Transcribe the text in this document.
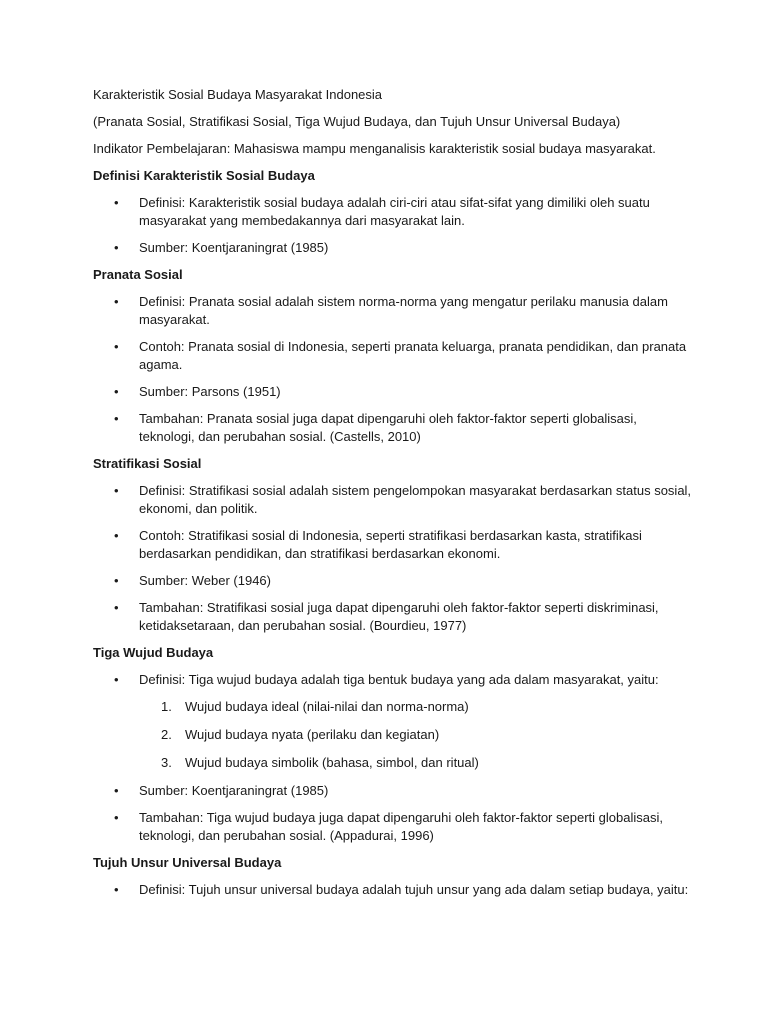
Karakteristik Sosial Budaya Masyarakat Indonesia

(Pranata Sosial, Stratifikasi Sosial, Tiga Wujud Budaya, dan Tujuh Unsur Universal Budaya)

Indikator Pembelajaran: Mahasiswa mampu menganalisis karakteristik sosial budaya masyarakat.

Definisi Karakteristik Sosial Budaya

• Definisi: Karakteristik sosial budaya adalah ciri-ciri atau sifat-sifat yang dimiliki oleh suatu masyarakat yang membedakannya dari masyarakat lain.
• Sumber: Koentjaraningrat (1985)

Pranata Sosial

• Definisi: Pranata sosial adalah sistem norma-norma yang mengatur perilaku manusia dalam masyarakat.
• Contoh: Pranata sosial di Indonesia, seperti pranata keluarga, pranata pendidikan, dan pranata agama.
• Sumber: Parsons (1951)
• Tambahan: Pranata sosial juga dapat dipengaruhi oleh faktor-faktor seperti globalisasi, teknologi, dan perubahan sosial. (Castells, 2010)

Stratifikasi Sosial

• Definisi: Stratifikasi sosial adalah sistem pengelompokan masyarakat berdasarkan status sosial, ekonomi, dan politik.
• Contoh: Stratifikasi sosial di Indonesia, seperti stratifikasi berdasarkan kasta, stratifikasi berdasarkan pendidikan, dan stratifikasi berdasarkan ekonomi.
• Sumber: Weber (1946)
• Tambahan: Stratifikasi sosial juga dapat dipengaruhi oleh faktor-faktor seperti diskriminasi, ketidaksetaraan, dan perubahan sosial. (Bourdieu, 1977)

Tiga Wujud Budaya

• Definisi: Tiga wujud budaya adalah tiga bentuk budaya yang ada dalam masyarakat, yaitu:
1. Wujud budaya ideal (nilai-nilai dan norma-norma)
2. Wujud budaya nyata (perilaku dan kegiatan)
3. Wujud budaya simbolik (bahasa, simbol, dan ritual)
• Sumber: Koentjaraningrat (1985)
• Tambahan: Tiga wujud budaya juga dapat dipengaruhi oleh faktor-faktor seperti globalisasi, teknologi, dan perubahan sosial. (Appadurai, 1996)

Tujuh Unsur Universal Budaya

• Definisi: Tujuh unsur universal budaya adalah tujuh unsur yang ada dalam setiap budaya, yaitu:
